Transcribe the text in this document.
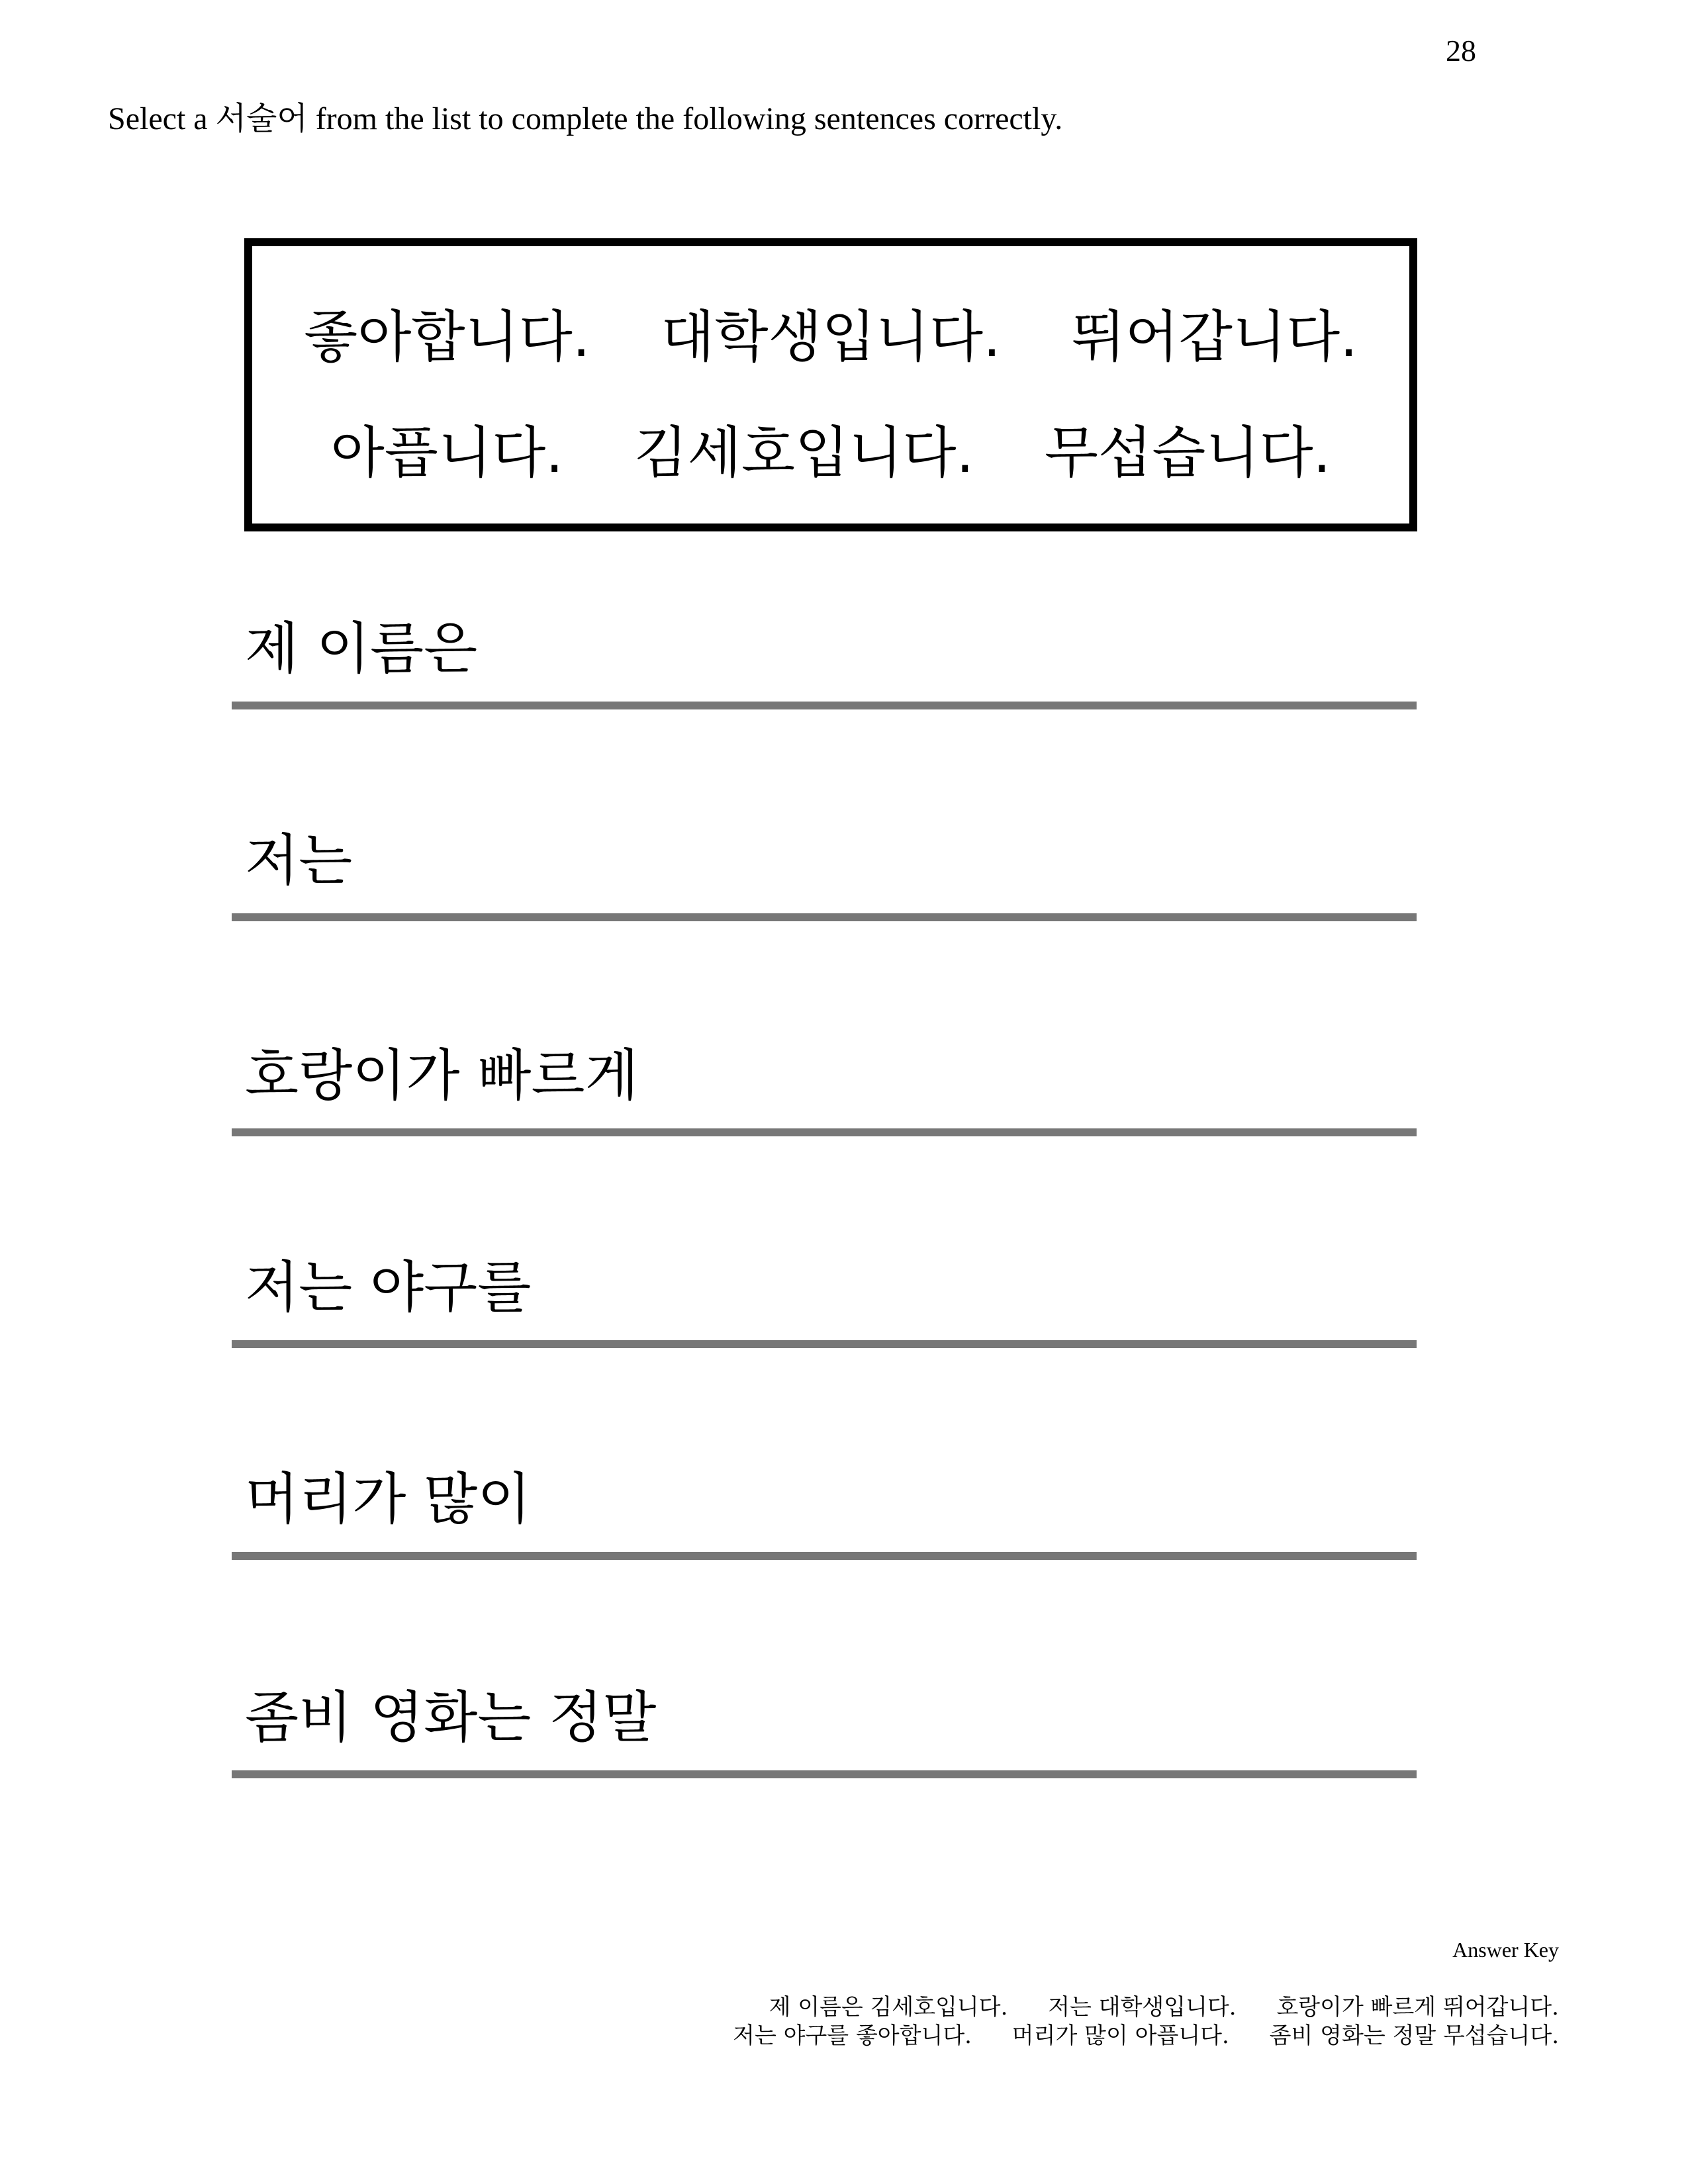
28
Select a 서술어 from the list to complete the following sentences correctly.
좋아합니다. 대학생입니다. 뛰어갑니다.
아픕니다. 김세호입니다. 무섭습니다.
제 이름은
저는
호랑이가 빠르게
저는 야구를
머리가 많이
좀비 영화는 정말
Answer Key
제 이름은 김세호입니다. 저는 대학생입니다. 호랑이가 빠르게 뛰어갑니다.
저는 야구를 좋아합니다. 머리가 많이 아픕니다. 좀비 영화는 정말 무섭습니다.
